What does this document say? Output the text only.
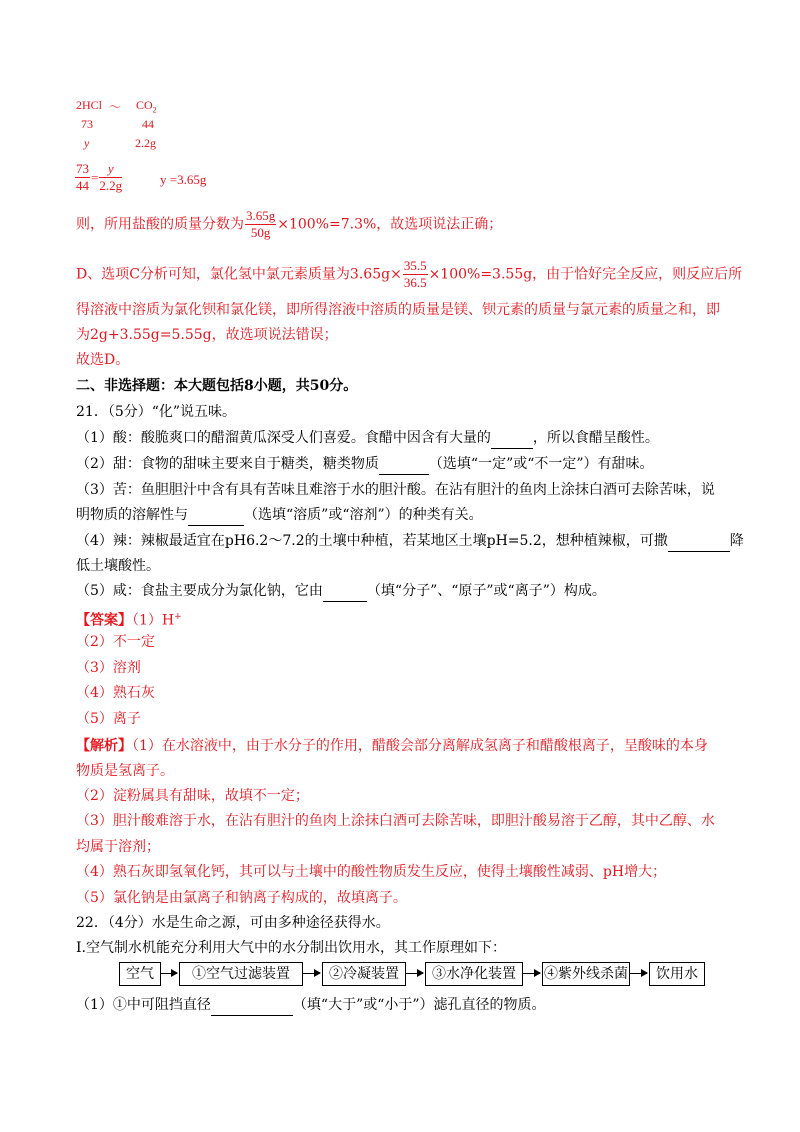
2HCl ～ $CO_2$
73	44
y	2.2g
$\frac{73}{44} = \frac{y}{2.2g}$	y =3.65g
则，所用盐酸的质量分数为 $\frac{3.65g}{50g} \times 100\%=7.3\%$，故选项说法正确；
D、选项C分析可知，氯化氢中氯元素质量为$3.65g\times \frac{35.5}{36.5} \times 100\%=3.55g$，由于恰好完全反应，则反应后所
得溶液中溶质为氯化钡和氯化镁，即所得溶液中溶质的质量是镁、钡元素的质量与氯元素的质量之和，即
为2g+3.55g=5.55g，故选项说法错误；
故选D。
二、非选择题：本大题包括8小题，共50分。
21．（5分）“化”说五味。
（1）酸：酸脆爽口的醋溜黄瓜深受人们喜爱。食醋中因含有大量的	，所以食醋呈酸性。
（2）甜：食物的甜味主要来自于糖类，糖类物质	（选填“一定”或“不一定”）有甜味。
（3）苦：鱼胆胆汁中含有具有苦味且难溶于水的胆汁酸。在沾有胆汁的鱼肉上涂抹白酒可去除苦味，说
明物质的溶解性与	（选填“溶质”或“溶剂”）的种类有关。
（4）辣：辣椒最适宜在pH6.2～7.2的土壤中种植，若某地区土壤pH=5.2，想种植辣椒，可撒	降
低土壤酸性。
（5）咸：食盐主要成分为氯化钠，它由	（填“分子”、“原子”或“离子”）构成。
【答案】（1）H+
（2）不一定
（3）溶剂
（4）熟石灰
（5）离子
【解析】（1）在水溶液中，由于水分子的作用，醋酸会部分离解成氢离子和醋酸根离子，呈酸味的本身
物质是氢离子。
（2）淀粉属具有甜味，故填不一定；
（3）胆汁酸难溶于水，在沾有胆汁的鱼肉上涂抹白酒可去除苦味，即胆汁酸易溶于乙醇，其中乙醇、水
均属于溶剂；
（4）熟石灰即氢氧化钙，其可以与土壤中的酸性物质发生反应，使得土壤酸性减弱、pH增大；
（5）氯化钠是由氯离子和钠离子构成的，故填离子。
22．（4分）水是生命之源，可由多种途径获得水。
I.空气制水机能充分利用大气中的水分制出饮用水，其工作原理如下：
空气	①空气过滤装置	②冷凝装置	③水净化装置	④紫外线杀菌	饮用水
（1）①中可阻挡直径	（填“大于”或“小于”）滤孔直径的物质。
